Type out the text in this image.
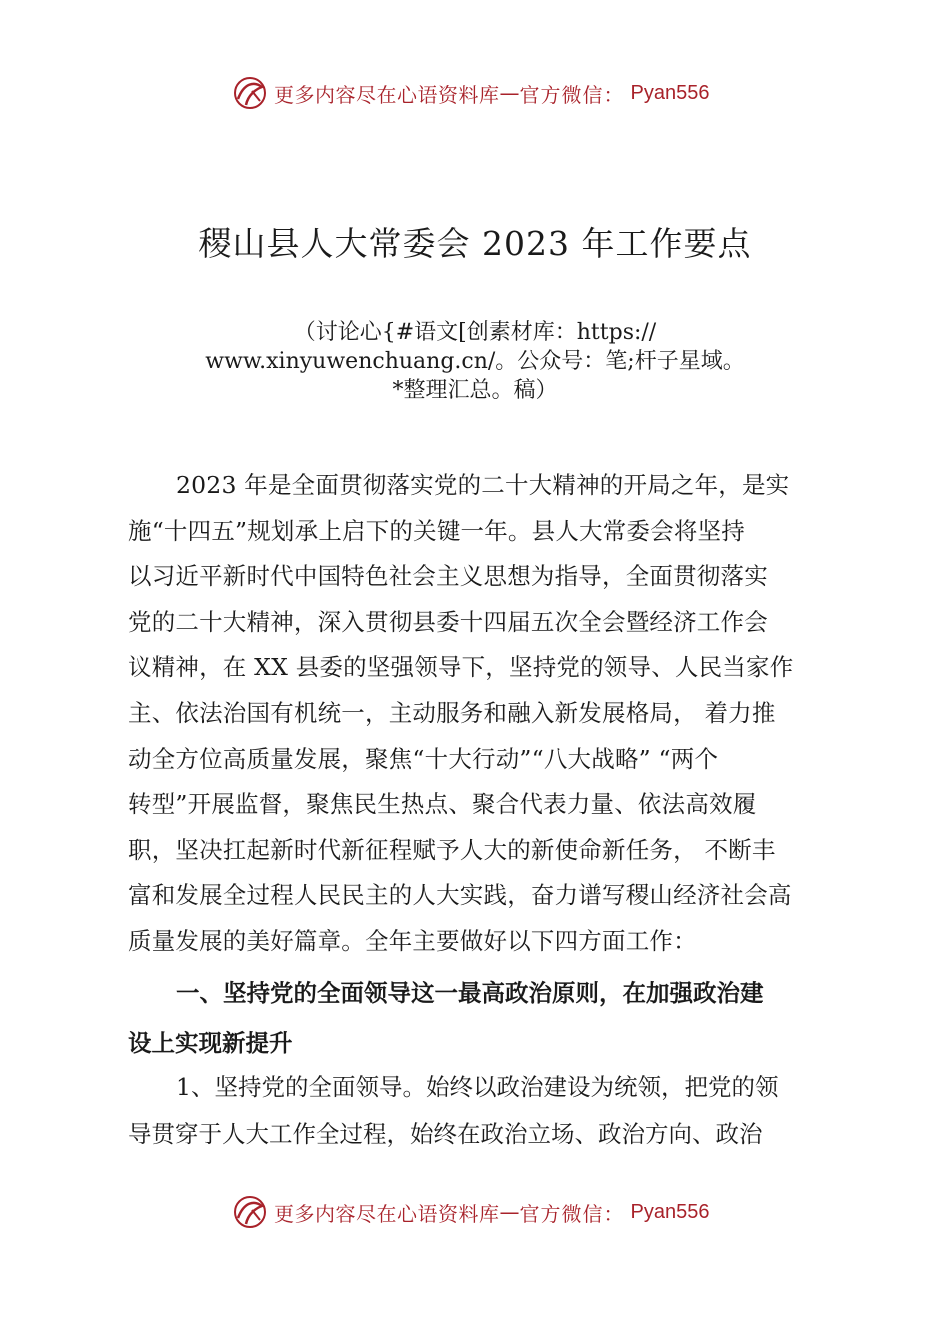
更多内容尽在心语资料库 — 官方微信： Pyan556
稷山县人大常委会 2023 年工作要点
（讨论心{#语文[创素材库：https://
www.xinyuwenchuang.cn/。公众号：笔;杆子星域。
*整理汇总。稿）
2023 年是全面贯彻落实党的二十大精神的开局之年，是实
施“十四五”规划承上启下的关键一年。县人大常委会将坚持
以习近平新时代中国特色社会主义思想为指导，全面贯彻落实
党的二十大精神，深入贯彻县委十四届五次全会暨经济工作会
议精神，在 XX 县委的坚强领导下，坚持党的领导、人民当家作
主、依法治国有机统一，主动服务和融入新发展格局， 着力推
动全方位高质量发展，聚焦“十大行动”“八大战略” “两个
转型”开展监督，聚焦民生热点、聚合代表力量、依法高效履
职，坚决扛起新时代新征程赋予人大的新使命新任务， 不断丰
富和发展全过程人民民主的人大实践，奋力谱写稷山经济社会高
质量发展的美好篇章。全年主要做好以下四方面工作：
一、坚持党的全面领导这一最高政治原则，在加强政治建
设上实现新提升
1、坚持党的全面领导。始终以政治建设为统领，把党的领
导贯穿于人大工作全过程，始终在政治立场、政治方向、政治
更多内容尽在心语资料库 — 官方微信： Pyan556
